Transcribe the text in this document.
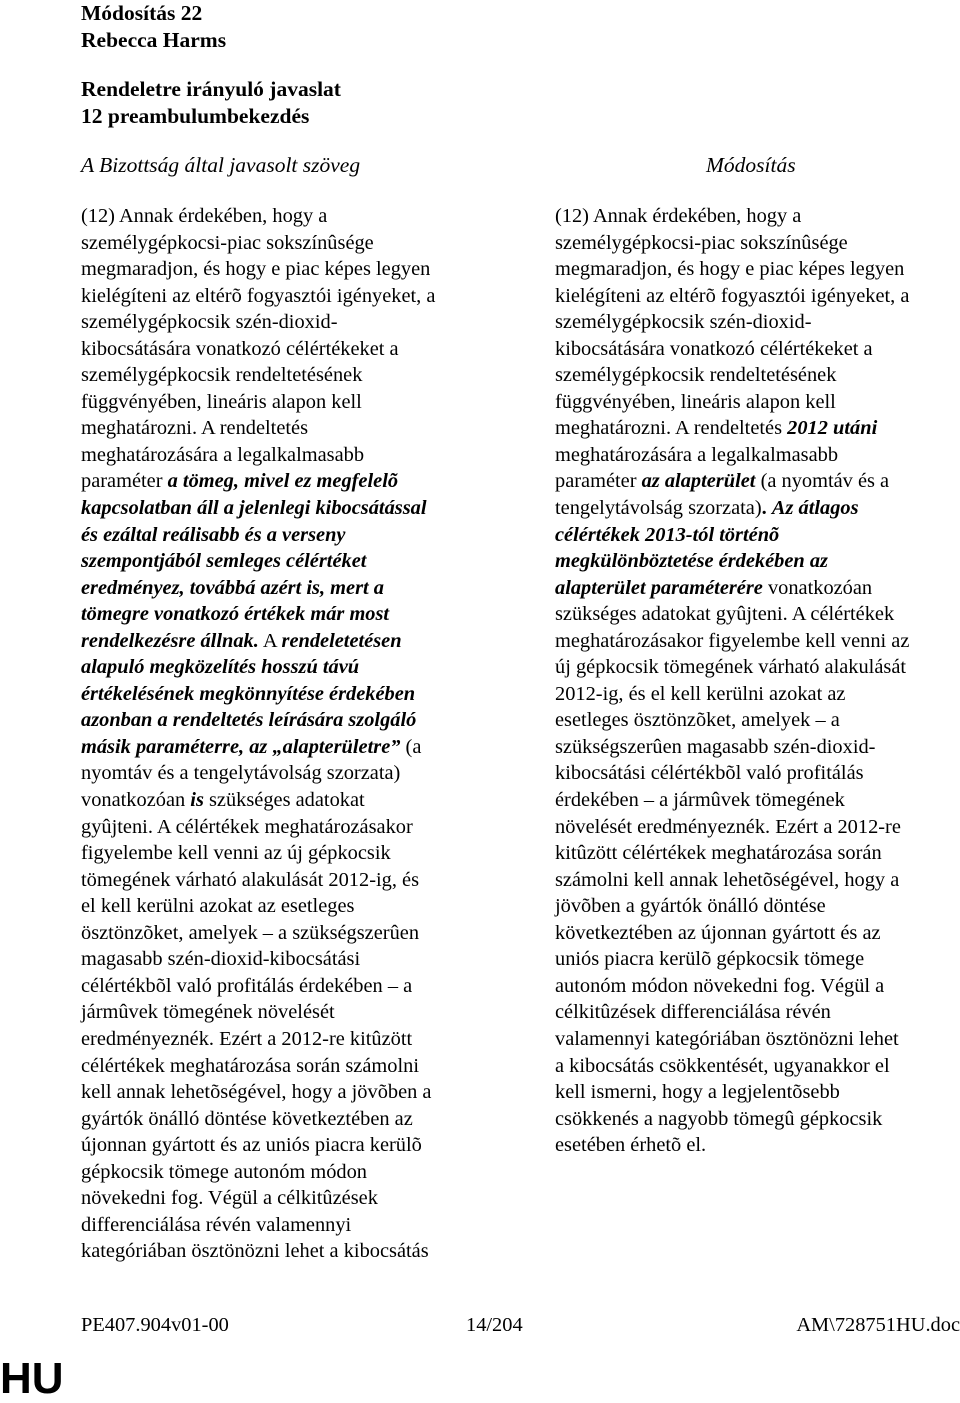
Módosítás 22
Rebecca Harms
Rendeletre irányuló javaslat
12 preambulumbekezdés
A Bizottság által javasolt szöveg	Módosítás
(12) Annak érdekében, hogy a
személygépkocsi-piac sokszínûsége
megmaradjon, és hogy e piac képes legyen
kielégíteni az eltérõ fogyasztói igényeket, a
személygépkocsik szén-dioxid-
kibocsátására vonatkozó célértékeket a
személygépkocsik rendeltetésének
függvényében, lineáris alapon kell
meghatározni. A rendeltetés
meghatározására a legalkalmasabb
paraméter a tömeg, mivel ez megfelelõ
kapcsolatban áll a jelenlegi kibocsátással
és ezáltal reálisabb és a verseny
szempontjából semleges célértéket
eredményez, továbbá azért is, mert a
tömegre vonatkozó értékek már most
rendelkezésre állnak. A rendeletetésen
alapuló megközelítés hosszú távú
értékelésének megkönnyítése érdekében
azonban a rendeltetés leírására szolgáló
másik paraméterre, az „alapterületre” (a
nyomtáv és a tengelytávolság szorzata)
vonatkozóan is szükséges adatokat
gyûjteni. A célértékek meghatározásakor
figyelembe kell venni az új gépkocsik
tömegének várható alakulását 2012-ig, és
el kell kerülni azokat az esetleges
ösztönzõket, amelyek – a szükségszerûen
magasabb szén-dioxid-kibocsátási
célértékbõl való profitálás érdekében – a
jármûvek tömegének növelését
eredményeznék. Ezért a 2012-re kitûzött
célértékek meghatározása során számolni
kell annak lehetõségével, hogy a jövõben a
gyártók önálló döntése következtében az
újonnan gyártott és az uniós piacra kerülõ
gépkocsik tömege autonóm módon
növekedni fog. Végül a célkitûzések
differenciálása révén valamennyi
kategóriában ösztönözni lehet a kibocsátás
(12) Annak érdekében, hogy a
személygépkocsi-piac sokszínûsége
megmaradjon, és hogy e piac képes legyen
kielégíteni az eltérõ fogyasztói igényeket, a
személygépkocsik szén-dioxid-
kibocsátására vonatkozó célértékeket a
személygépkocsik rendeltetésének
függvényében, lineáris alapon kell
meghatározni. A rendeltetés 2012 utáni
meghatározására a legalkalmasabb
paraméter az alapterület (a nyomtáv és a
tengelytávolság szorzata). Az átlagos
célértékek 2013-tól történõ
megkülönböztetése érdekében az
alapterület paraméterére vonatkozóan
szükséges adatokat gyûjteni. A célértékek
meghatározásakor figyelembe kell venni az
új gépkocsik tömegének várható alakulását
2012-ig, és el kell kerülni azokat az
esetleges ösztönzõket, amelyek – a
szükségszerûen magasabb szén-dioxid-
kibocsátási célértékbõl való profitálás
érdekében – a jármûvek tömegének
növelését eredményeznék. Ezért a 2012-re
kitûzött célértékek meghatározása során
számolni kell annak lehetõségével, hogy a
jövõben a gyártók önálló döntése
következtében az újonnan gyártott és az
uniós piacra kerülõ gépkocsik tömege
autonóm módon növekedni fog. Végül a
célkitûzések differenciálása révén
valamennyi kategóriában ösztönözni lehet
a kibocsátás csökkentését, ugyanakkor el
kell ismerni, hogy a legjelentõsebb
csökkenés a nagyobb tömegû gépkocsik
esetében érhetõ el.
PE407.904v01-00	14/204	AM\728751HU.doc
HU
